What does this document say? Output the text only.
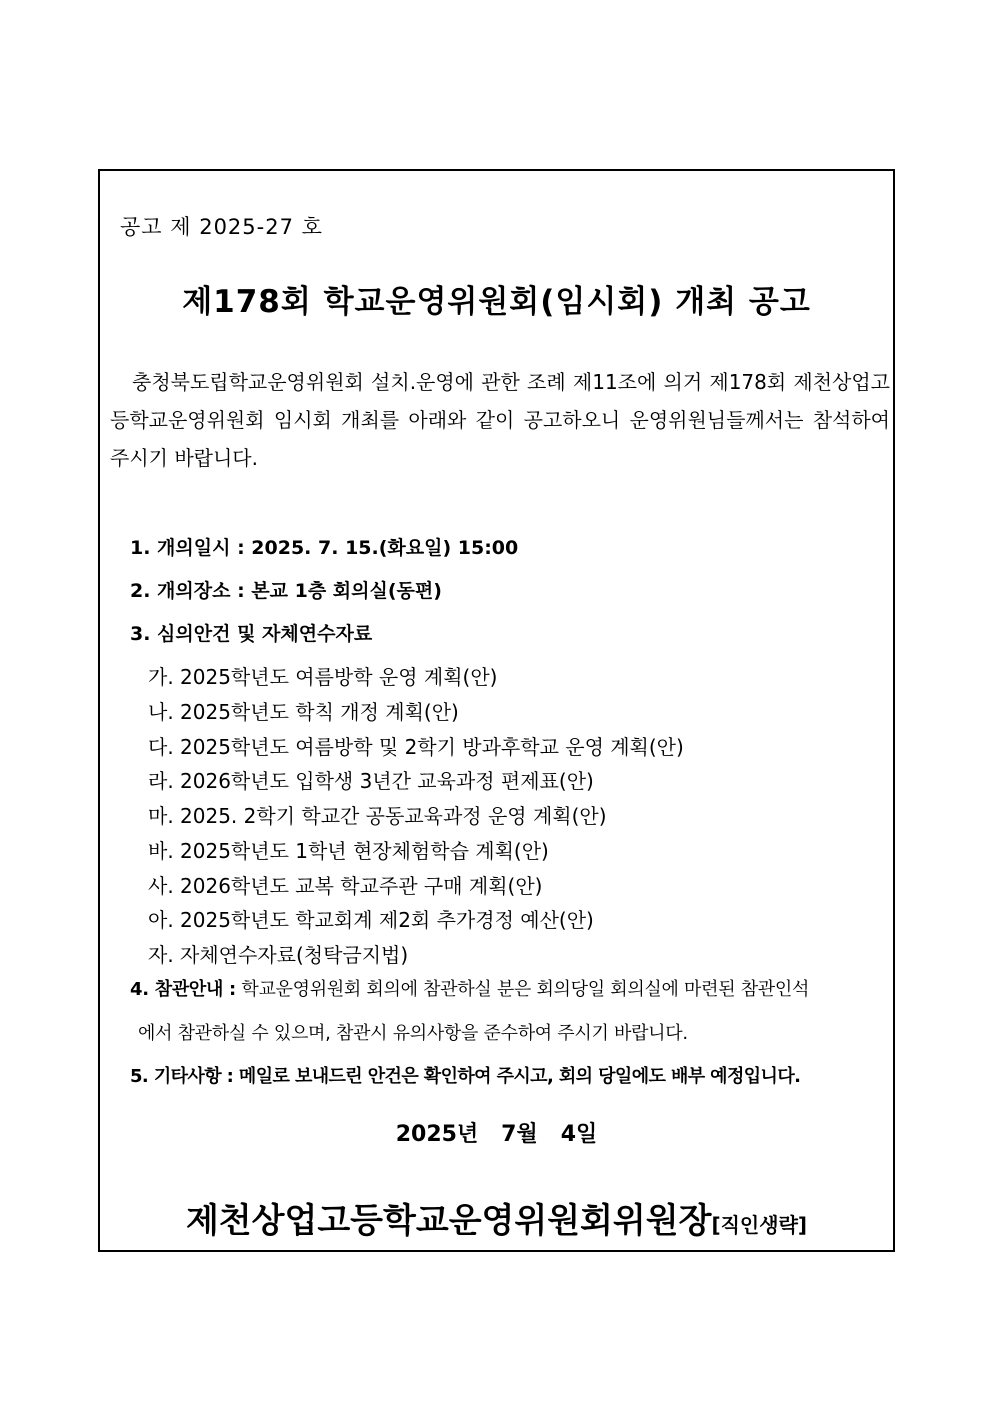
공고 제 2025-27 호
제178회 학교운영위원회(임시회) 개최 공고
충청북도립학교운영위원회 설치.운영에 관한 조례 제11조에 의거 제178회 제천상업고등학교운영위원회 임시회 개최를 아래와 같이 공고하오니 운영위원님들께서는 참석하여 주시기 바랍니다.
1. 개의일시 : 2025. 7. 15.(화요일) 15:00
2. 개의장소 : 본교 1층 회의실(동편)
3. 심의안건 및 자체연수자료
가. 2025학년도 여름방학 운영 계획(안)
나. 2025학년도 학칙 개정 계획(안)
다. 2025학년도 여름방학 및 2학기 방과후학교 운영 계획(안)
라. 2026학년도 입학생 3년간 교육과정 편제표(안)
마. 2025. 2학기 학교간 공동교육과정 운영 계획(안)
바. 2025학년도 1학년 현장체험학습 계획(안)
사. 2026학년도 교복 학교주관 구매 계획(안)
아. 2025학년도 학교회계 제2회 추가경정 예산(안)
자. 자체연수자료(청탁금지법)
4. 참관안내 : 학교운영위원회 회의에 참관하실 분은 회의당일 회의실에 마련된 참관인석
에서 참관하실 수 있으며, 참관시 유의사항을 준수하여 주시기 바랍니다.
5. 기타사항 : 메일로 보내드린 안건은 확인하여 주시고, 회의 당일에도 배부 예정입니다.
2025년   7월   4일
제천상업고등학교운영위원회위원장[직인생략]
